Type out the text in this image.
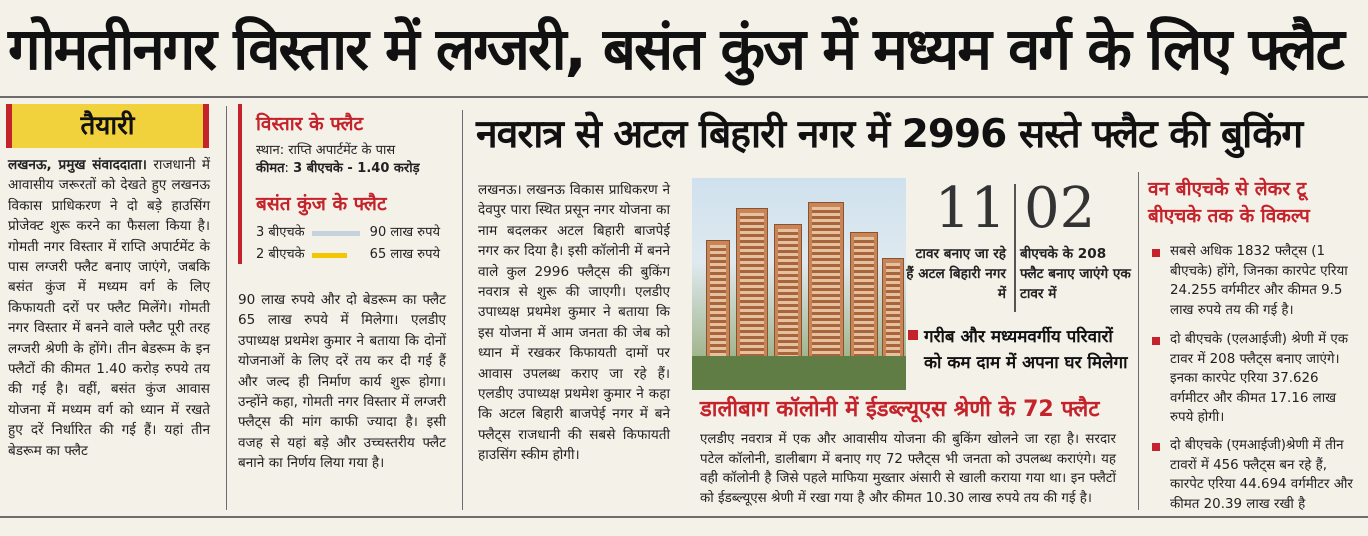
गोमतीनगर विस्तार में लग्जरी, बसंत कुंज में मध्यम वर्ग के लिए फ्लैट
तैयारी
लखनऊ, प्रमुख संवाददाता। राजधानी में आवासीय जरूरतों को देखते हुए लखनऊ विकास प्राधिकरण ने दो बड़े हाउसिंग प्रोजेक्ट शुरू करने का फैसला किया है। गोमती नगर विस्तार में राप्ति अपार्टमेंट के पास लग्जरी फ्लैट बनाए जाएंगे, जबकि बसंत कुंज में मध्यम वर्ग के लिए किफायती दरों पर फ्लैट मिलेंगे। गोमती नगर विस्तार में बनने वाले फ्लैट पूरी तरह लग्जरी श्रेणी के होंगे। तीन बेडरूम के इन फ्लैटों की कीमत 1.40 करोड़ रुपये तय की गई है। वहीं, बसंत कुंज आवास योजना में मध्यम वर्ग को ध्यान में रखते हुए दरें निर्धारित की गई हैं। यहां तीन बेडरूम का फ्लैट
विस्तार के फ्लैट
स्थान: राप्ति अपार्टमेंट के पास
कीमत: 3 बीएचके - 1.40 करोड़
बसंत कुंज के फ्लैट
3 बीएचके	90 लाख रुपये
2 बीएचके	65 लाख रुपये
90 लाख रुपये और दो बेडरूम का फ्लैट 65 लाख रुपये में मिलेगा। एलडीए उपाध्यक्ष प्रथमेश कुमार ने बताया कि दोनों योजनाओं के लिए दरें तय कर दी गई हैं और जल्द ही निर्माण कार्य शुरू होगा। उन्होंने कहा, गोमती नगर विस्तार में लग्जरी फ्लैट्स की मांग काफी ज्यादा है। इसी वजह से यहां बड़े और उच्चस्तरीय फ्लैट बनाने का निर्णय लिया गया है।
नवरात्र से अटल बिहारी नगर में 2996 सस्ते फ्लैट की बुकिंग
लखनऊ। लखनऊ विकास प्राधिकरण ने देवपुर पारा स्थित प्रसून नगर योजना का नाम बदलकर अटल बिहारी बाजपेई नगर कर दिया है। इसी कॉलोनी में बनने वाले कुल 2996 फ्लैट्स की बुकिंग नवरात्र से शुरू की जाएगी। एलडीए उपाध्यक्ष प्रथमेश कुमार ने बताया कि इस योजना में आम जनता की जेब को ध्यान में रखकर किफायती दामों पर आवास उपलब्ध कराए जा रहे हैं। एलडीए उपाध्यक्ष प्रथमेश कुमार ने कहा कि अटल बिहारी बाजपेई नगर में बने फ्लैट्स राजधानी की सबसे किफायती हाउसिंग स्कीम होगी।
11
टावर बनाए जा रहे हैं अटल बिहारी नगर में
02
बीएचके के 208 फ्लैट बनाए जाएंगे एक टावर में
गरीब और मध्यमवर्गीय परिवारों को कम दाम में अपना घर मिलेगा
डालीबाग कॉलोनी में ईडब्ल्यूएस श्रेणी के 72 फ्लैट
एलडीए नवरात्र में एक और आवासीय योजना की बुकिंग खोलने जा रहा है। सरदार पटेल कॉलोनी, डालीबाग में बनाए गए 72 फ्लैट्स भी जनता को उपलब्ध कराएंगे। यह वही कॉलोनी है जिसे पहले माफिया मुख्तार अंसारी से खाली कराया गया था। इन फ्लैटों को ईडब्ल्यूएस श्रेणी में रखा गया है और कीमत 10.30 लाख रुपये तय की गई है।
वन बीएचके से लेकर टू बीएचके तक के विकल्प
सबसे अधिक 1832 फ्लैट्स (1 बीएचके) होंगे, जिनका कारपेट एरिया 24.255 वर्गमीटर और कीमत 9.5 लाख रुपये तय की गई है।
दो बीएचके (एलआईजी) श्रेणी में एक टावर में 208 फ्लैट्स बनाए जाएंगे। इनका कारपेट एरिया 37.626 वर्गमीटर और कीमत 17.16 लाख रुपये होगी।
दो बीएचके (एमआईजी)श्रेणी में तीन टावरों में 456 फ्लैट्स बन रहे हैं, कारपेट एरिया 44.694 वर्गमीटर और कीमत 20.39 लाख रखी है
